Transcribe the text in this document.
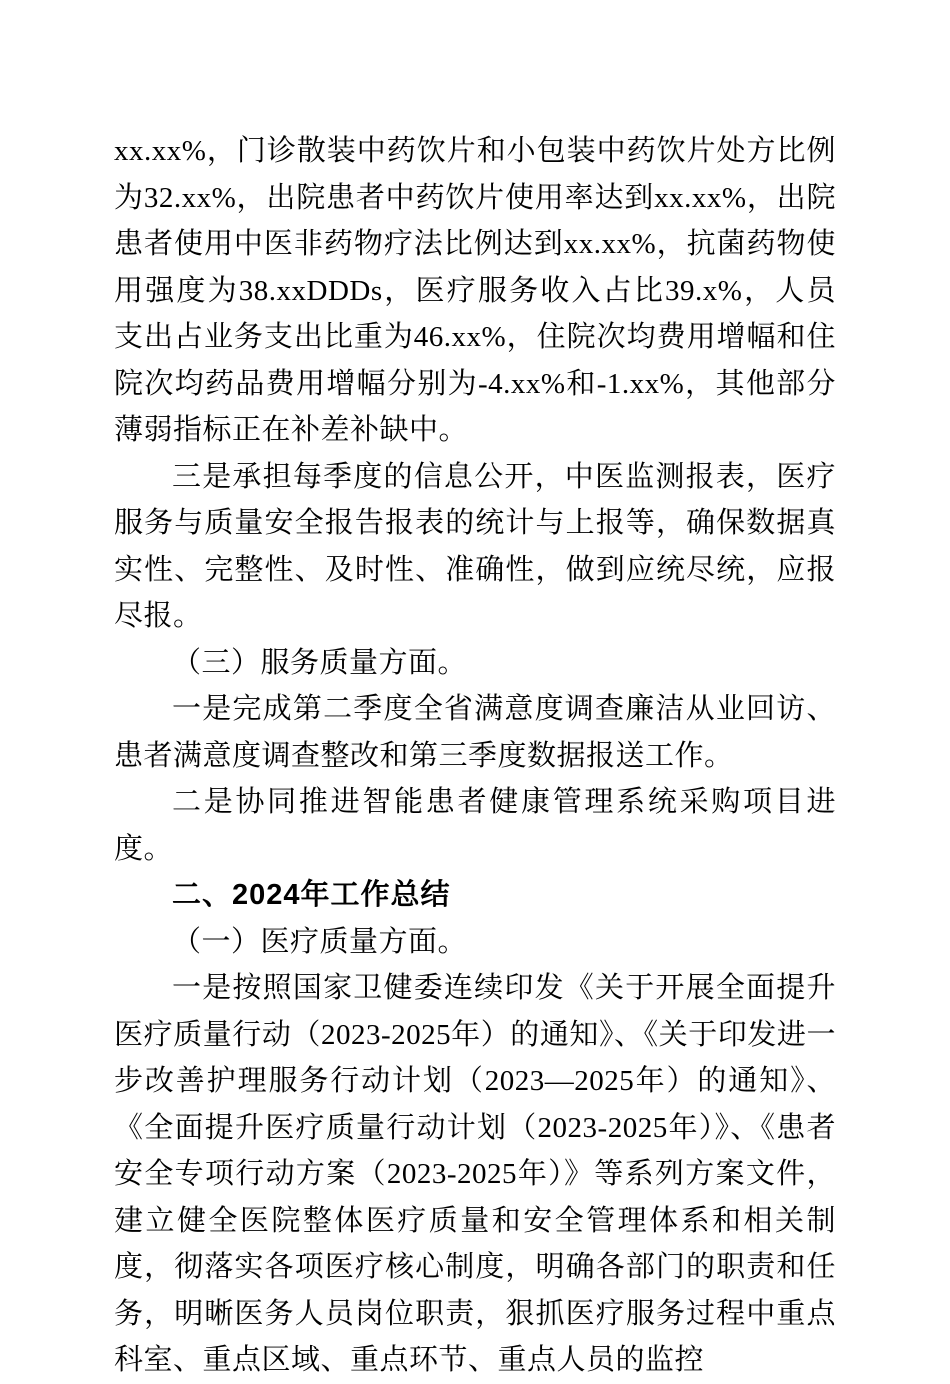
xx.xx%，门诊散装中药饮片和小包装中药饮片处方比例为32.xx%，出院患者中药饮片使用率达到xx.xx%，出院患者使用中医非药物疗法比例达到xx.xx%，抗菌药物使用强度为38.xxDDDs，医疗服务收入占比39.x%，人员支出占业务支出比重为46.xx%，住院次均费用增幅和住院次均药品费用增幅分别为-4.xx%和-1.xx%，其他部分薄弱指标正在补差补缺中。

三是承担每季度的信息公开，中医监测报表，医疗服务与质量安全报告报表的统计与上报等，确保数据真实性、完整性、及时性、准确性，做到应统尽统，应报尽报。

（三）服务质量方面。

一是完成第二季度全省满意度调查廉洁从业回访、患者满意度调查整改和第三季度数据报送工作。

二是协同推进智能患者健康管理系统采购项目进度。

二、2024年工作总结

（一）医疗质量方面。

一是按照国家卫健委连续印发《关于开展全面提升医疗质量行动（2023-2025年）的通知》、《关于印发进一步改善护理服务行动计划（2023—2025年）的通知》、《全面提升医疗质量行动计划（2023-2025年）》、《患者安全专项行动方案（2023-2025年）》等系列方案文件，建立健全医院整体医疗质量和安全管理体系和相关制度，彻落实各项医疗核心制度，明确各部门的职责和任务，明晰医务人员岗位职责，狠抓医疗服务过程中重点科室、重点区域、重点环节、重点人员的监控
